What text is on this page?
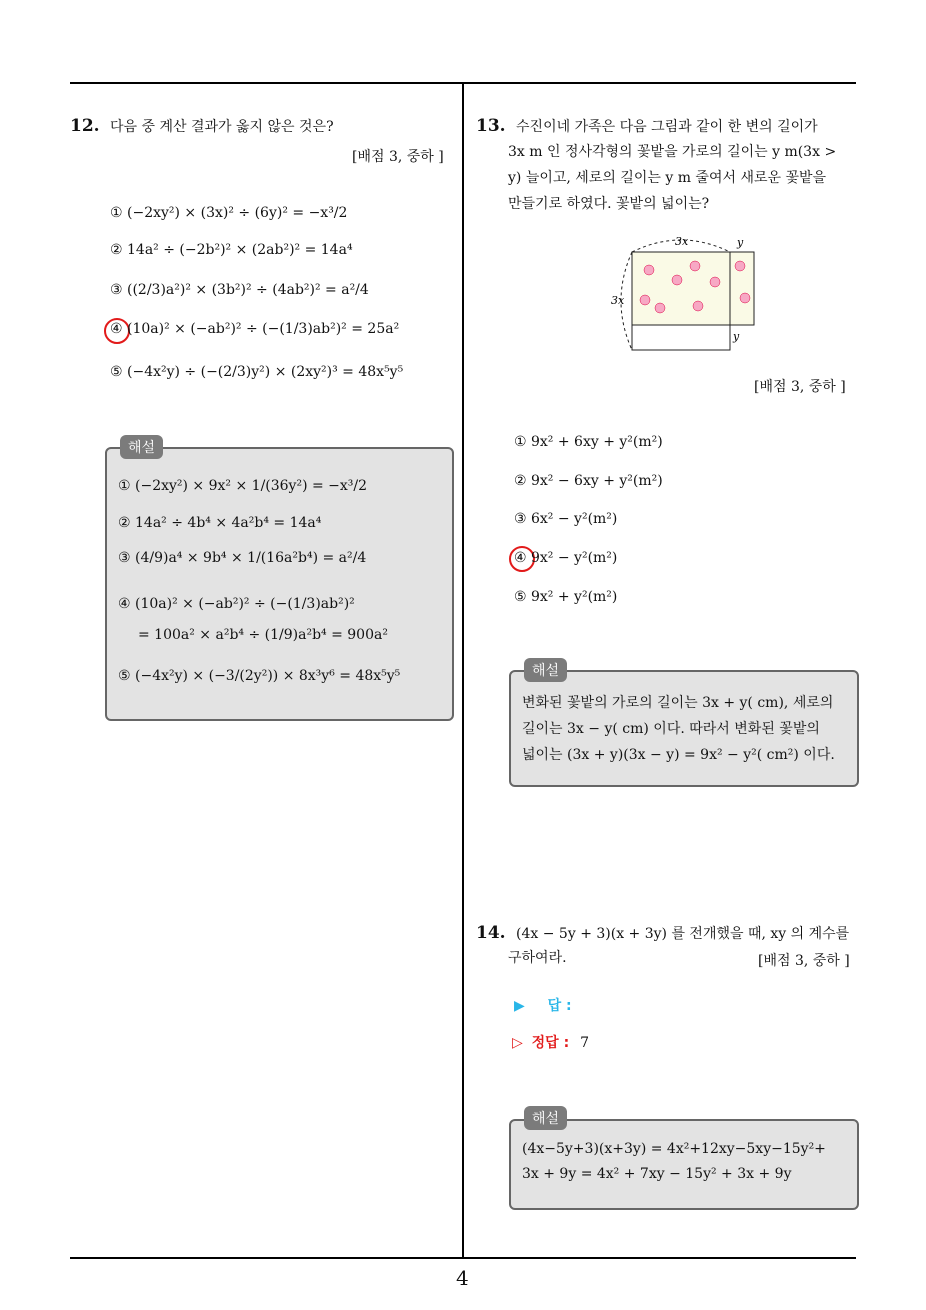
12. 다음 중 계산 결과가 옳지 않은 것은?
[배점 3, 중하 ]
① (−2xy²) × (3x)² ÷ (6y)² = −x³/2
② 14a² ÷ (−2b²)² × (2ab²)² = 14a⁴
③ ((2/3)a²)² × (3b²)² ÷ (4ab²)² = a²/4
④ (10a)² × (−ab²)² ÷ (−(1/3)ab²)² = 25a²
⑤ (−4x²y) ÷ (−(2/3)y²) × (2xy²)³ = 48x⁵y⁵
해설
① (−2xy²) × 9x² × 1/(36y²) = −x³/2
② 14a² ÷ 4b⁴ × 4a²b⁴ = 14a⁴
③ (4/9)a⁴ × 9b⁴ × 1/(16a²b⁴) = a²/4
④ (10a)² × (−ab²)² ÷ (−(1/3)ab²)²
= 100a² × a²b⁴ ÷ (1/9)a²b⁴ = 900a²
⑤ (−4x²y) × (−3/(2y²)) × 8x³y⁶ = 48x⁵y⁵
13. 수진이네 가족은 다음 그림과 같이 한 변의 길이가
3x m 인 정사각형의 꽃밭을 가로의 길이는 y m(3x >
y) 늘이고, 세로의 길이는 y m 줄여서 새로운 꽃밭을
만들기로 하였다. 꽃밭의 넓이는?
3x	y
3x
y
[배점 3, 중하 ]
① 9x² + 6xy + y²(m²)
② 9x² − 6xy + y²(m²)
③ 6x² − y²(m²)
④ 9x² − y²(m²)
⑤ 9x² + y²(m²)
해설
변화된 꽃밭의 가로의 길이는 3x + y( cm), 세로의
길이는 3x − y( cm) 이다. 따라서 변화된 꽃밭의
넓이는 (3x + y)(3x − y) = 9x² − y²( cm²) 이다.
14. (4x − 5y + 3)(x + 3y) 를 전개했을 때, xy 의 계수를
구하여라.	[배점 3, 중하 ]
▶ 답 :
▷ 정답 : 7
해설
(4x−5y+3)(x+3y) = 4x²+12xy−5xy−15y²+
3x + 9y = 4x² + 7xy − 15y² + 3x + 9y
4
